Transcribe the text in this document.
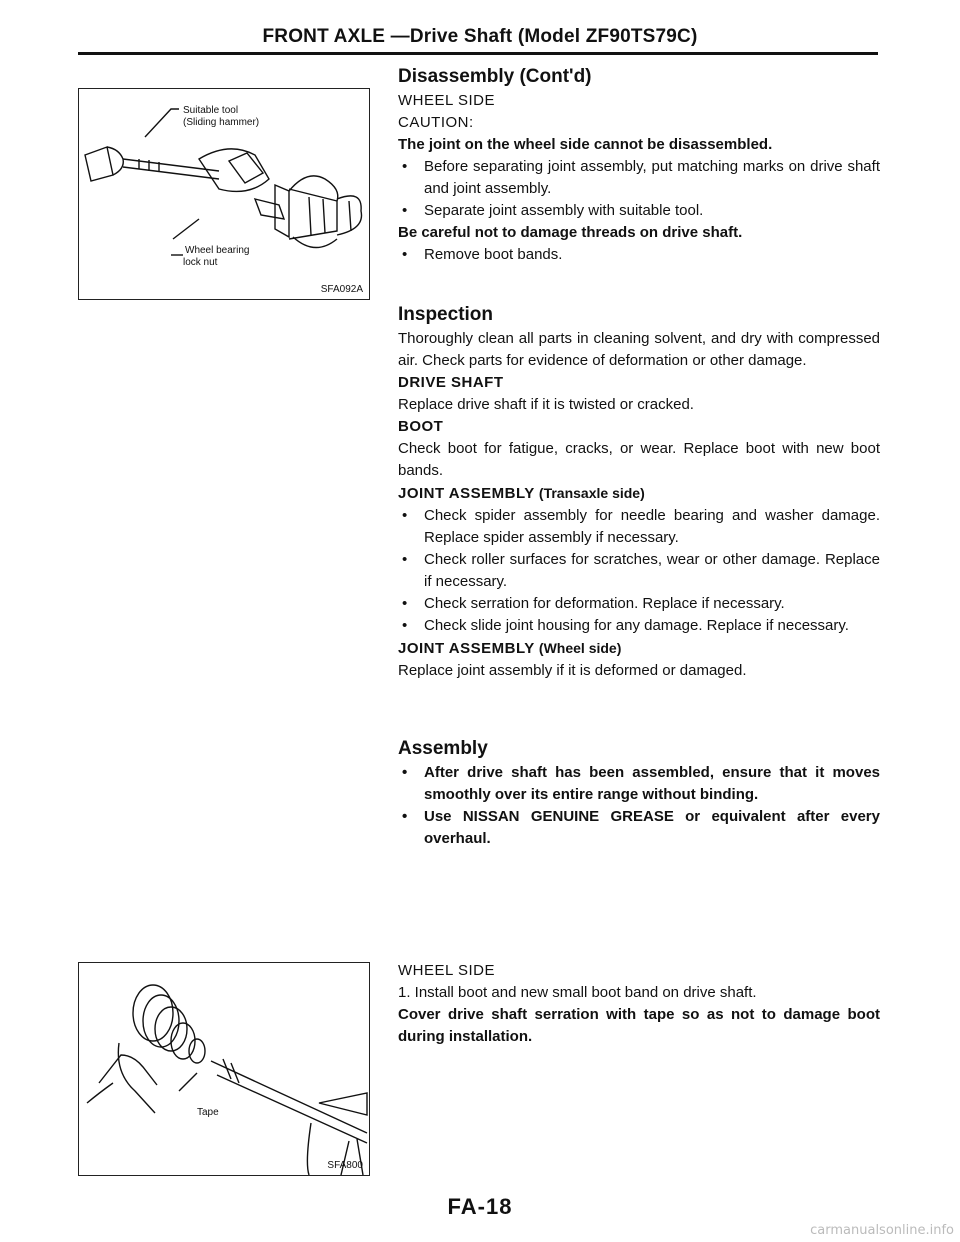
FRONT AXLE —Drive Shaft (Model ZF90TS79C)
Suitable tool
(Sliding hammer)
Wheel bearing
lock nut
SFA092A
Tape
SFA800
Disassembly (Cont'd)
WHEEL SIDE
CAUTION:
The joint on the wheel side cannot be disassembled.
• Before separating joint assembly, put matching marks on drive shaft and joint assembly.
• Separate joint assembly with suitable tool.
Be careful not to damage threads on drive shaft.
• Remove boot bands.
Inspection
Thoroughly clean all parts in cleaning solvent, and dry with compressed air. Check parts for evidence of deformation or other damage.
DRIVE SHAFT
Replace drive shaft if it is twisted or cracked.
BOOT
Check boot for fatigue, cracks, or wear. Replace boot with new boot bands.
JOINT ASSEMBLY (Transaxle side)
• Check spider assembly for needle bearing and washer damage. Replace spider assembly if necessary.
• Check roller surfaces for scratches, wear or other damage. Replace if necessary.
• Check serration for deformation. Replace if necessary.
• Check slide joint housing for any damage. Replace if necessary.
JOINT ASSEMBLY (Wheel side)
Replace joint assembly if it is deformed or damaged.
Assembly
• After drive shaft has been assembled, ensure that it moves smoothly over its entire range without binding.
• Use NISSAN GENUINE GREASE or equivalent after every overhaul.
WHEEL SIDE
1. Install boot and new small boot band on drive shaft.
Cover drive shaft serration with tape so as not to damage boot during installation.
FA-18
carmanualsonline.info
